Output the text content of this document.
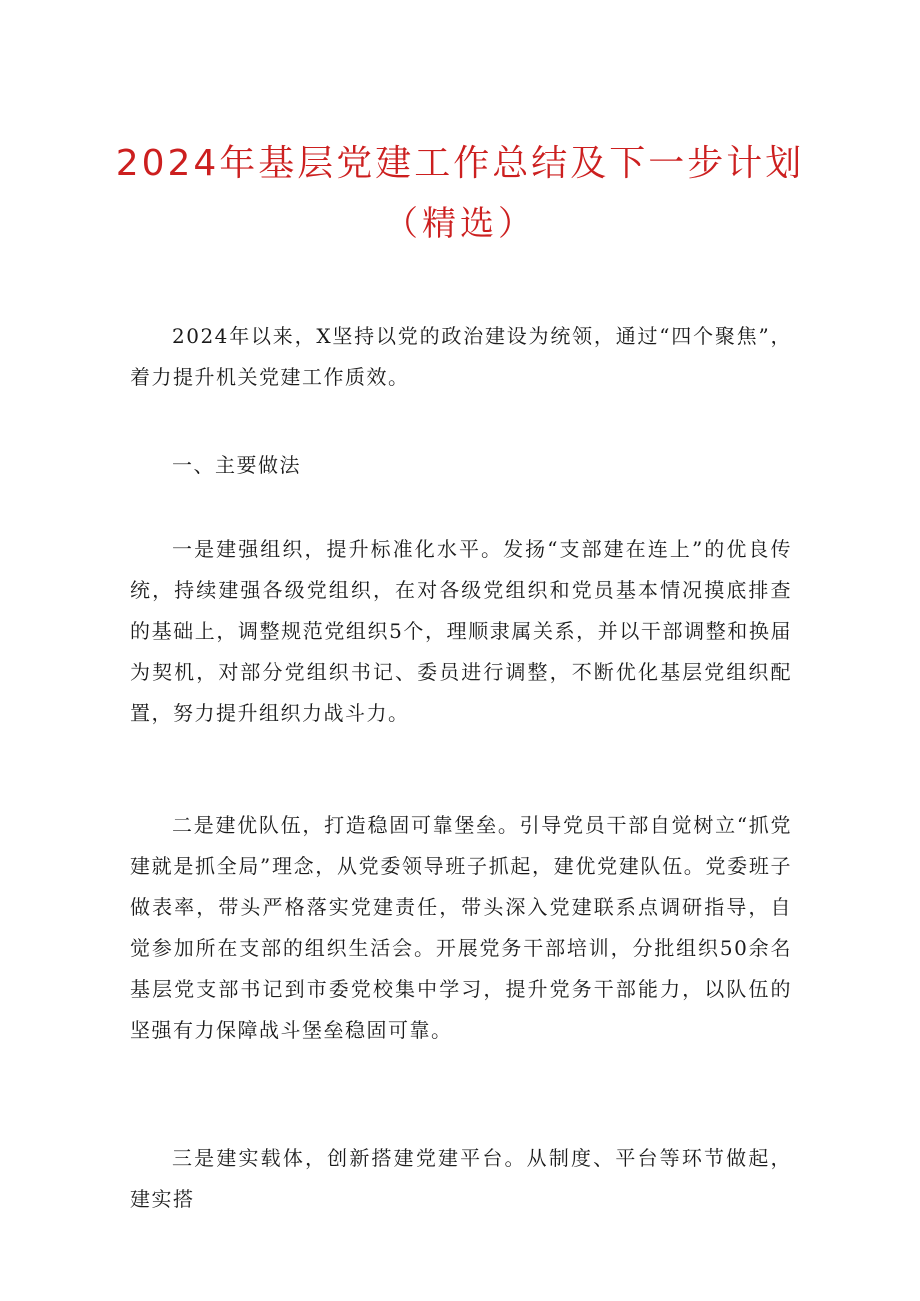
2024年基层党建工作总结及下一步计划
（精选）

2024年以来，X坚持以党的政治建设为统领，通过“四个聚焦”，着力提升机关党建工作质效。

一、主要做法

一是建强组织，提升标准化水平。发扬“支部建在连上”的优良传统，持续建强各级党组织，在对各级党组织和党员基本情况摸底排查的基础上，调整规范党组织5个，理顺隶属关系，并以干部调整和换届为契机，对部分党组织书记、委员进行调整，不断优化基层党组织配置，努力提升组织力战斗力。

二是建优队伍，打造稳固可靠堡垒。引导党员干部自觉树立“抓党建就是抓全局”理念，从党委领导班子抓起，建优党建队伍。党委班子做表率，带头严格落实党建责任，带头深入党建联系点调研指导，自觉参加所在支部的组织生活会。开展党务干部培训，分批组织50余名基层党支部书记到市委党校集中学习，提升党务干部能力，以队伍的坚强有力保障战斗堡垒稳固可靠。

三是建实载体，创新搭建党建平台。从制度、平台等环节做起，建实搭
